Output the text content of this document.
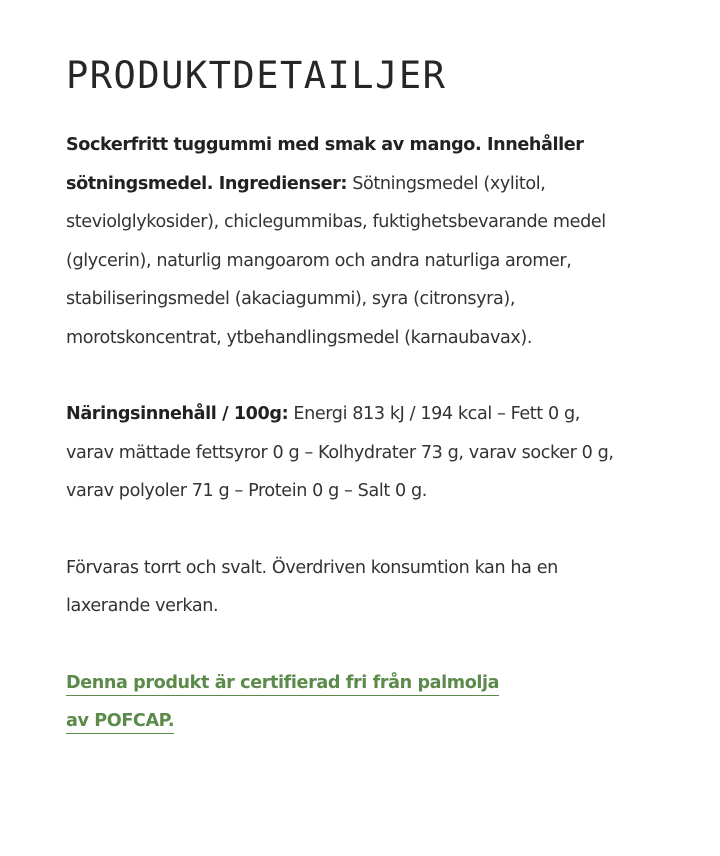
PRODUKTDETAILJER

Sockerfritt tuggummi med smak av mango. Innehåller sötningsmedel. Ingredienser: Sötningsmedel (xylitol, steviolglykosider), chiclegummibas, fuktighetsbevarande medel (glycerin), naturlig mangoarom och andra naturliga aromer, stabiliseringsmedel (akaciagummi), syra (citronsyra), morotskoncentrat, ytbehandlingsmedel (karnaubavax).

Näringsinnehåll / 100g: Energi 813 kJ / 194 kcal – Fett 0 g, varav mättade fettsyror 0 g – Kolhydrater 73 g, varav socker 0 g, varav polyoler 71 g – Protein 0 g – Salt 0 g.

Förvaras torrt och svalt. Överdriven konsumtion kan ha en laxerande verkan.

Denna produkt är certifierad fri från palmolja av POFCAP.
